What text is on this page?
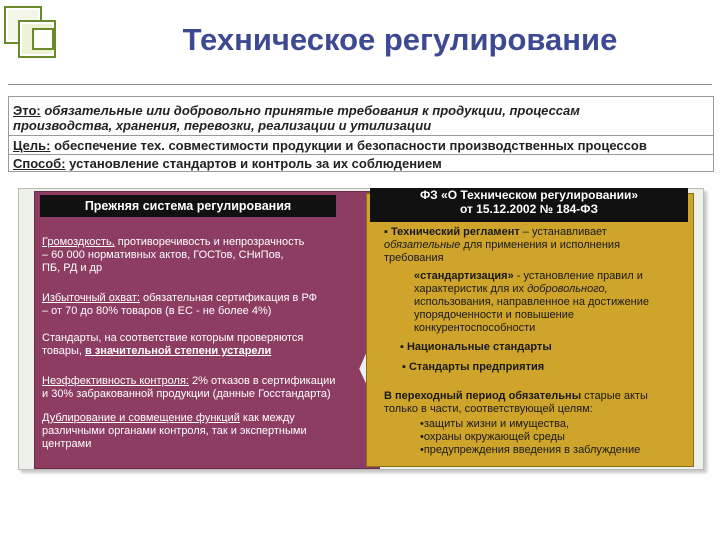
Техническое регулирование
Это: обязательные или добровольно принятые требования к продукции, процессам
производства, хранения, перевозки, реализации и утилизации
Цель: обеспечение тех. совместимости продукции и безопасности производственных процессов
Способ: установление стандартов и контроль за их соблюдением
Прежняя система регулирования
Громоздкость, противоречивость и непрозрачность
– 60 000 нормативных актов, ГОСТов, СНиПов,
ПБ, РД и др
Избыточный охват: обязательная сертификация в РФ
– от 70 до 80% товаров (в ЕС - не более 4%)
Стандарты, на соответствие которым проверяются
товары, в значительной степени устарели
Неэффективность контроля: 2% отказов в сертификации
и 30% забракованной продукции (данные Госстандарта)
Дублирование и совмещение функций как между
различными органами контроля, так и экспертными
центрами
ФЗ «О Техническом регулировании»
от 15.12.2002 № 184-ФЗ
▪ Технический регламент – устанавливает
обязательные для применения и исполнения
требования
«стандартизация» - установление правил и
характеристик для их добровольного,
использования, направленное на достижение
упорядоченности и повышение
конкурентоспособности
▪ Национальные стандарты
▪ Стандарты предприятия
В переходный период обязательны старые акты
только в части, соответствующей целям:
•защиты жизни и имущества,
•охраны окружающей среды
•предупреждения введения в заблуждение
